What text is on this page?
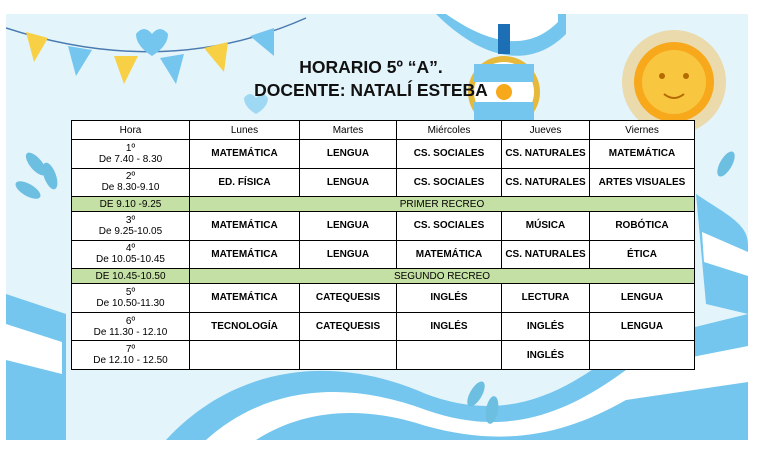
HORARIO 5º “A”.
DOCENTE: NATALÍ ESTEBA
Hora	Lunes	Martes	Miércoles	Jueves	Viernes

1º
De 7.40 - 8.30	MATEMÁTICA	LENGUA	CS. SOCIALES	CS. NATURALES	MATEMÁTICA

2º
De 8.30-9.10	ED. FÍSICA	LENGUA	CS. SOCIALES	CS. NATURALES	ARTES VISUALES
DE 9.10 -9.25	PRIMER RECREO				

3º
De 9.25-10.05	MATEMÁTICA	LENGUA	CS. SOCIALES	MÚSICA	ROBÓTICA

4º
De 10.05-10.45	MATEMÁTICA	LENGUA	MATEMÁTICA	CS. NATURALES	ÉTICA
DE 10.45-10.50	SEGUNDO RECREO				

5º
De 10.50-11.30	MATEMÁTICA	CATEQUESIS	INGLÉS	LECTURA	LENGUA

6º
De 11.30 - 12.10	TECNOLOGÍA	CATEQUESIS	INGLÉS	INGLÉS	LENGUA

7º
De 12.10 - 12.50				INGLÉS	
